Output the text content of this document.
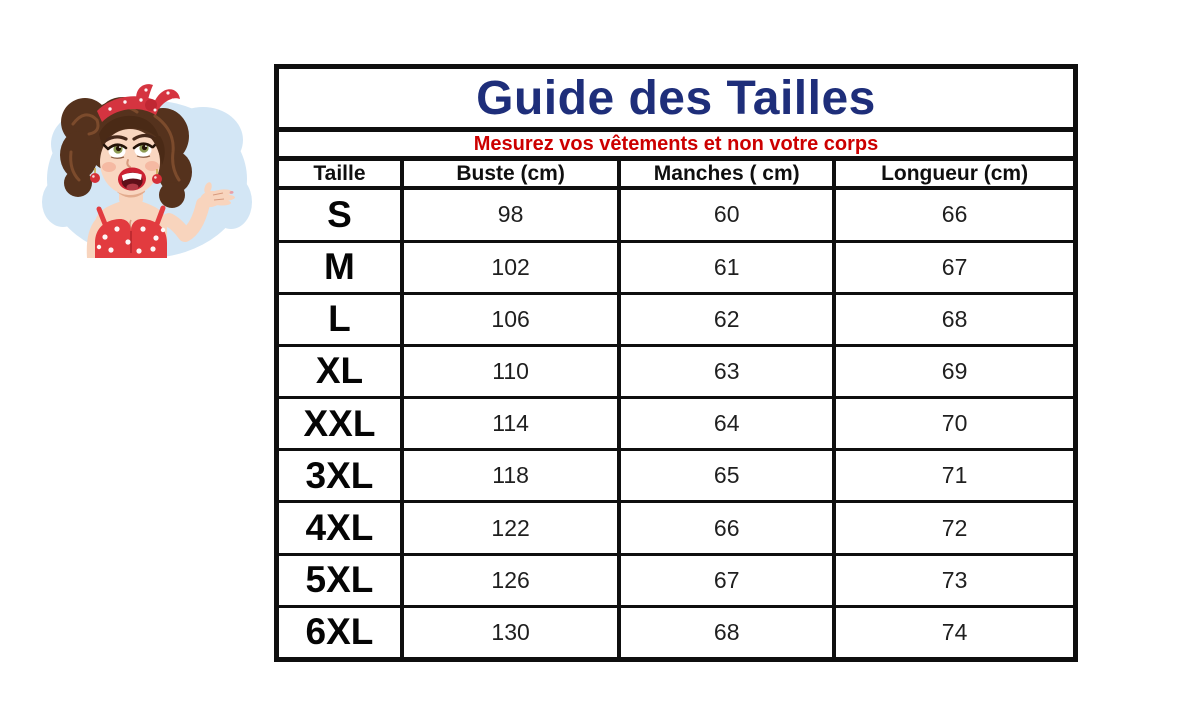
Guide des Tailles			
Mesurez vos vêtements et non votre corps			
Taille	Buste (cm)	Manches ( cm)	Longueur (cm)
S	98	60	66
M	102	61	67
L	106	62	68
XL	110	63	69
XXL	114	64	70
3XL	118	65	71
4XL	122	66	72
5XL	126	67	73
6XL	130	68	74
